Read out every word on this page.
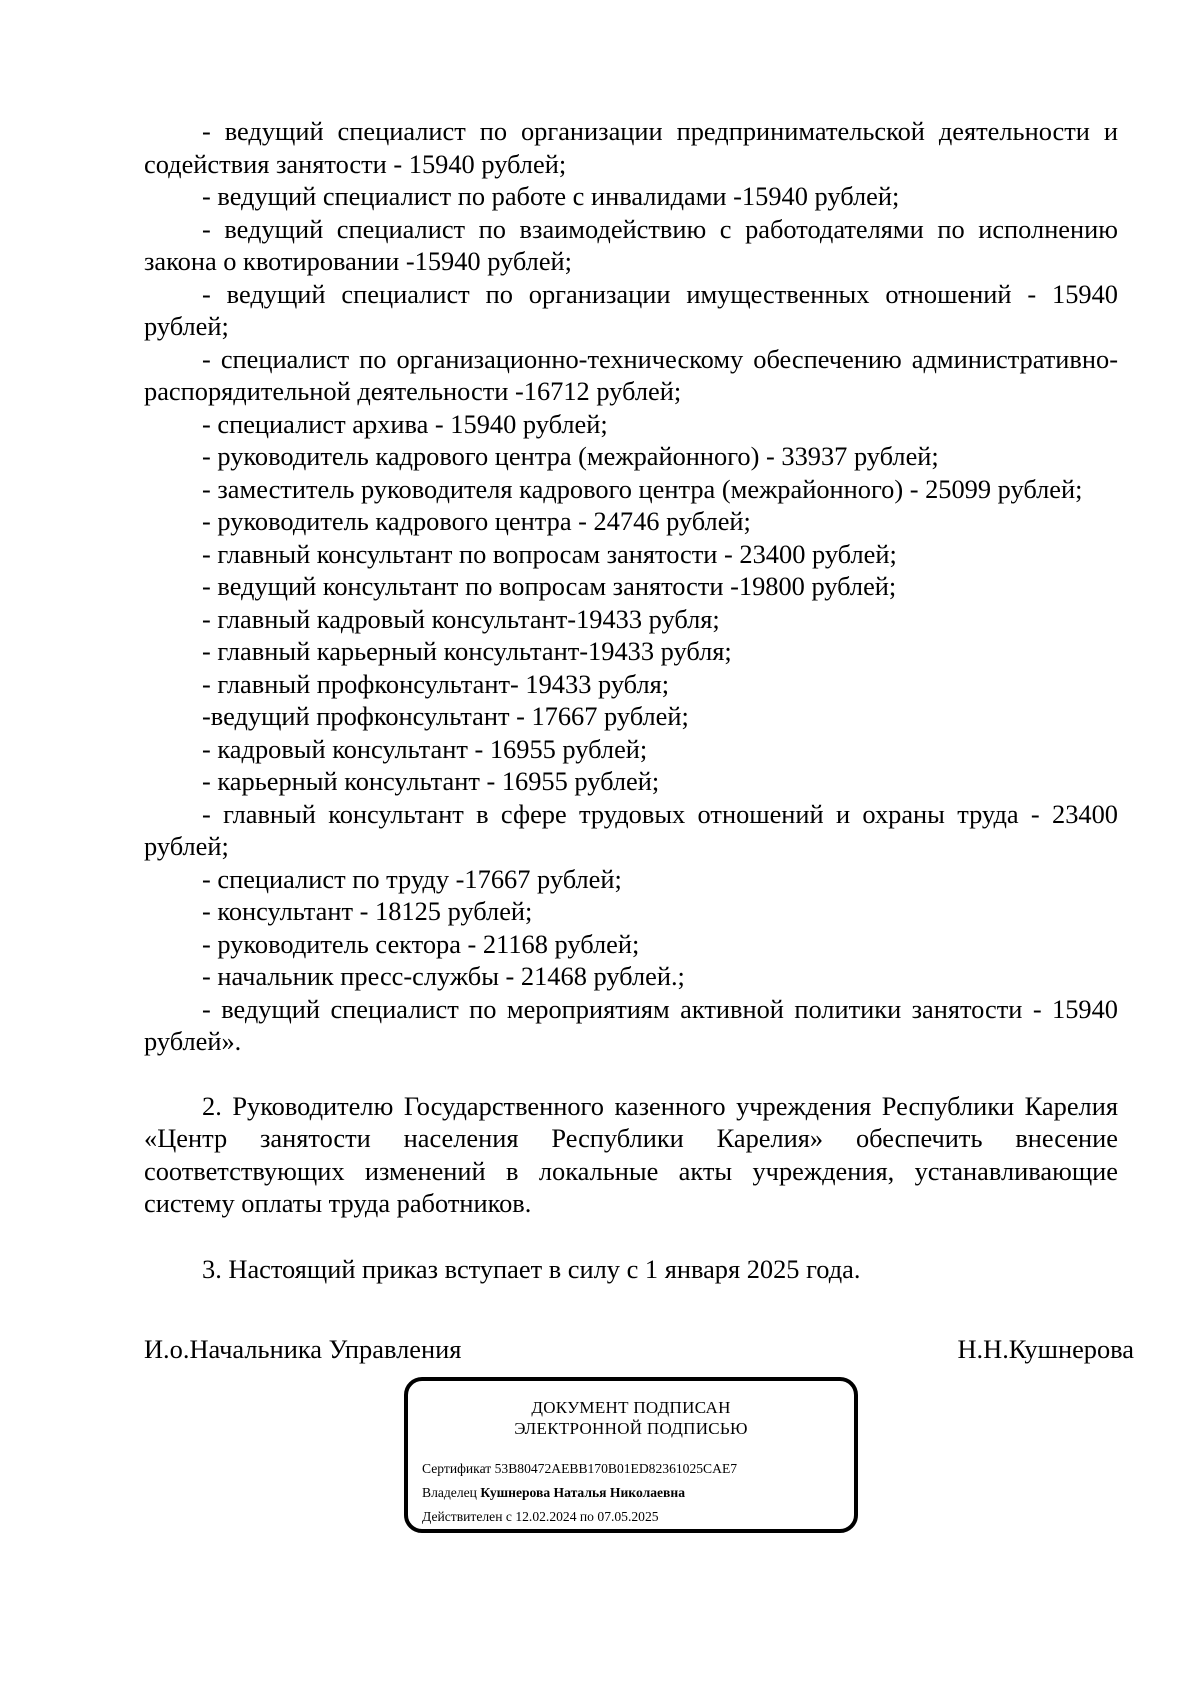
- ведущий специалист по организации предпринимательской деятельности и содействия занятости - 15940 рублей;

- ведущий специалист по работе с инвалидами -15940 рублей;

- ведущий специалист по взаимодействию с работодателями по исполнению закона о квотировании -15940 рублей;

- ведущий специалист по организации имущественных отношений - 15940 рублей;

- специалист по организационно-техническому обеспечению административно-распорядительной деятельности -16712 рублей;

- специалист архива - 15940 рублей;

- руководитель кадрового центра (межрайонного) - 33937 рублей;

- заместитель руководителя кадрового центра (межрайонного) - 25099 рублей;

- руководитель кадрового центра - 24746 рублей;

- главный консультант по вопросам занятости - 23400 рублей;

- ведущий консультант по вопросам занятости -19800 рублей;

- главный кадровый консультант-19433 рубля;

- главный карьерный консультант-19433 рубля;

- главный профконсультант- 19433 рубля;

-ведущий профконсультант - 17667 рублей;

- кадровый консультант - 16955 рублей;

- карьерный консультант - 16955 рублей;

- главный консультант в сфере трудовых отношений и охраны труда - 23400 рублей;

- специалист по труду -17667 рублей;

- консультант - 18125 рублей;

- руководитель сектора - 21168 рублей;

- начальник пресс-службы - 21468 рублей.;

- ведущий специалист по мероприятиям активной политики занятости - 15940 рублей».

2. Руководителю Государственного казенного учреждения Республики Карелия «Центр занятости населения Республики Карелия» обеспечить внесение соответствующих изменений в локальные акты учреждения, устанавливающие систему оплаты труда работников.

3. Настоящий приказ вступает в силу с 1 января 2025 года.

И.о.Начальника Управления	Н.Н.Кушнерова
ДОКУМЕНТ ПОДПИСАН
ЭЛЕКТРОННОЙ ПОДПИСЬЮ
Сертификат 53B80472AEBB170B01ED82361025CAE7
Владелец Кушнерова Наталья Николаевна
Действителен с 12.02.2024 по 07.05.2025
